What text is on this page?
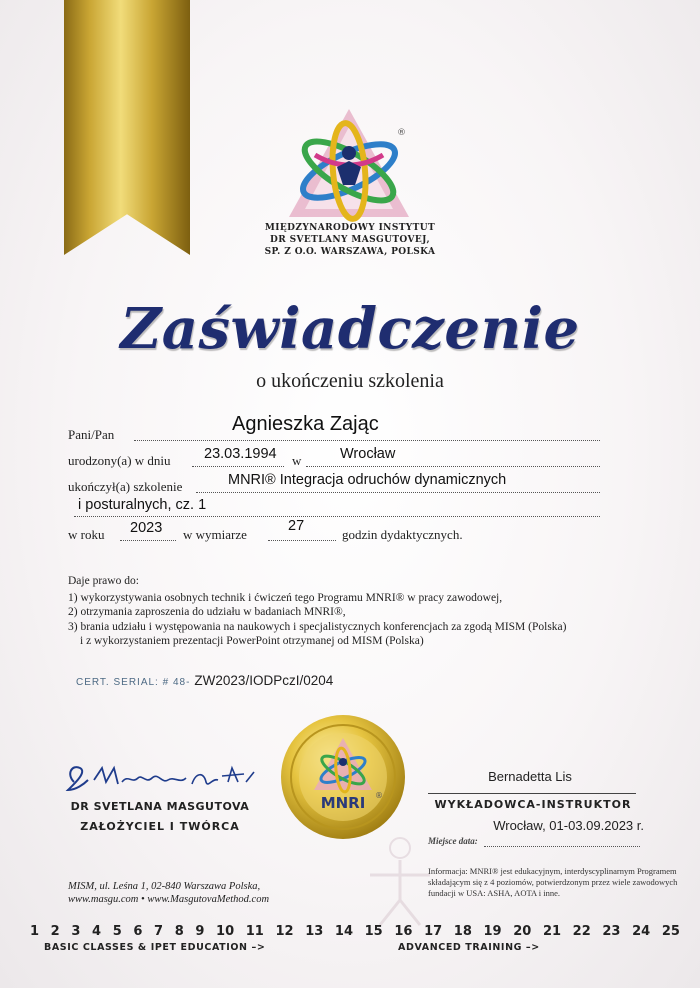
®
MIĘDZYNARODOWY INSTYTUT
DR SVETLANY MASGUTOVEJ,
SP. Z O.O. WARSZAWA, POLSKA
Zaświadczenie
o ukończeniu szkolenia
Pani/Pan	Agnieszka Zając
urodzony(a) w dniu 23.03.1994 w	Wrocław
ukończył(a) szkolenie	MNRI® Integracja odruchów dynamicznych
i posturalnych, cz. 1
w roku 2023 w wymiarze
27
godzin dydaktycznych.
Daje prawo do:
1) wykorzystywania osobnych technik i ćwiczeń tego Programu MNRI® w pracy zawodowej,
2) otrzymania zaproszenia do udziału w badaniach MNRI®,
3) brania udziału i występowania na naukowych i specjalistycznych konferencjach za zgodą MISM (Polska)
i z wykorzystaniem prezentacji PowerPoint otrzymanej od MISM (Polska)
CERT. SERIAL: # 48- ZW2023/IODPczI/0204
MNRI ®
DR SVETLANA MASGUTOVA
ZAŁOŻYCIEL I TWÓRCA
Bernadetta Lis
WYKŁADOWCA-INSTRUKTOR
Wrocław, 01-03.09.2023 r.
Miejsce data:
MISM, ul. Leśna 1, 02-840 Warszawa Polska,
www.masgu.com • www.MasgutovaMethod.com
Informacja: MNRI® jest edukacyjnym, interdyscyplinarnym Programem składającym się z 4 poziomów, potwierdzonym przez wiele zawodowych fundacji w USA: ASHA, AOTA i inne.
1 2 3 4 5 6 7 8 9 10 11 12 13 14 15 16 17 18 19 20 21 22 23 24 25
BASIC CLASSES & IPET EDUCATION –>	ADVANCED TRAINING –>
